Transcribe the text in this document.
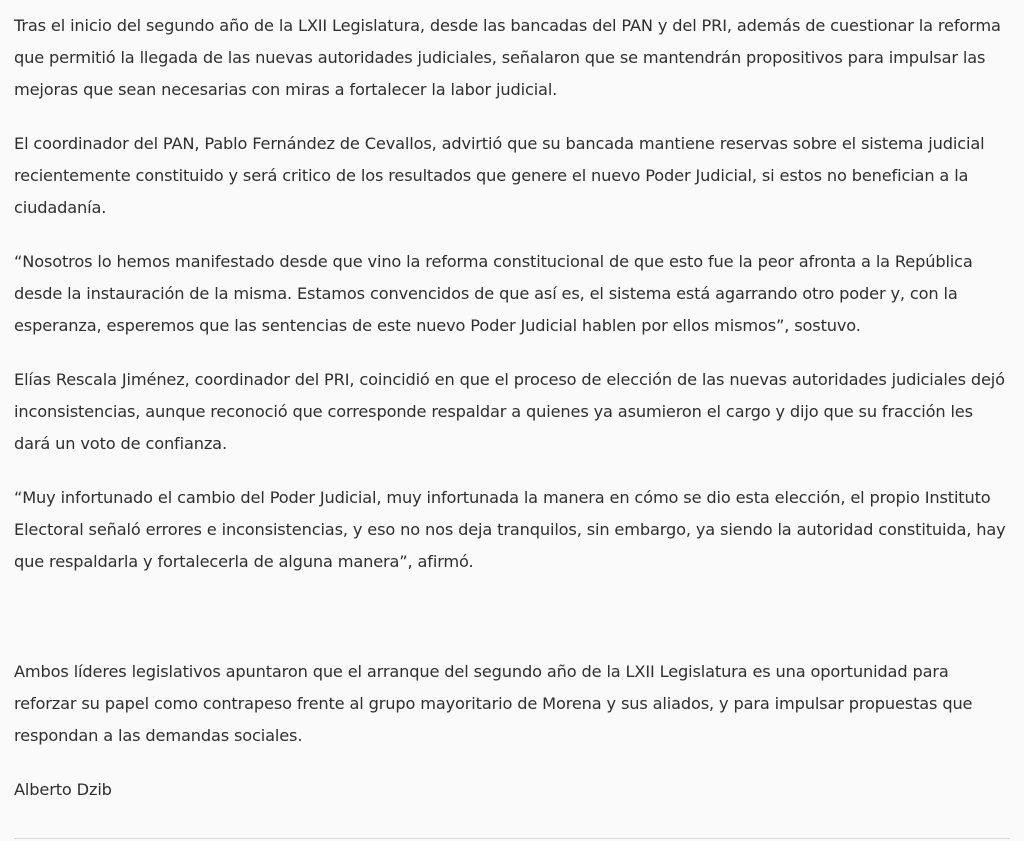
Tras el inicio del segundo año de la LXII Legislatura, desde las bancadas del PAN y del PRI, además de cuestionar la reforma que permitió la llegada de las nuevas autoridades judiciales, señalaron que se mantendrán propositivos para impulsar las mejoras que sean necesarias con miras a fortalecer la labor judicial.

El coordinador del PAN, Pablo Fernández de Cevallos, advirtió que su bancada mantiene reservas sobre el sistema judicial recientemente constituido y será critico de los resultados que genere el nuevo Poder Judicial, si estos no benefician a la ciudadanía.

“Nosotros lo hemos manifestado desde que vino la reforma constitucional de que esto fue la peor afronta a la República desde la instauración de la misma. Estamos convencidos de que así es, el sistema está agarrando otro poder y, con la esperanza, esperemos que las sentencias de este nuevo Poder Judicial hablen por ellos mismos”, sostuvo.

Elías Rescala Jiménez, coordinador del PRI, coincidió en que el proceso de elección de las nuevas autoridades judiciales dejó inconsistencias, aunque reconoció que corresponde respaldar a quienes ya asumieron el cargo y dijo que su fracción les dará un voto de confianza.

“Muy infortunado el cambio del Poder Judicial, muy infortunada la manera en cómo se dio esta elección, el propio Instituto Electoral señaló errores e inconsistencias, y eso no nos deja tranquilos, sin embargo, ya siendo la autoridad constituida, hay que respaldarla y fortalecerla de alguna manera”, afirmó.

Ambos líderes legislativos apuntaron que el arranque del segundo año de la LXII Legislatura es una oportunidad para reforzar su papel como contrapeso frente al grupo mayoritario de Morena y sus aliados, y para impulsar propuestas que respondan a las demandas sociales.

Alberto Dzib
